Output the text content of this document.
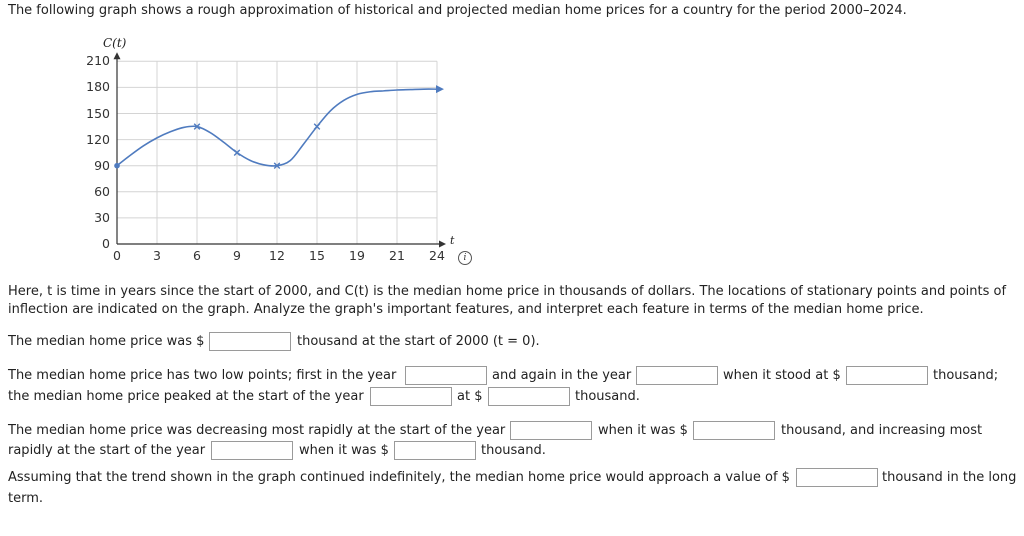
The following graph shows a rough approximation of historical and projected median home prices for a country for the period 2000–2024.
C(t)
t
0
30
60
90
120
150
180
210
0	3	6	9	12 15 19 21 24	i
Here, t is time in years since the start of 2000, and C(t) is the median home price in thousands of dollars. The locations of stationary points and points of
inflection are indicated on the graph. Analyze the graph's important features, and interpret each feature in terms of the median home price.
The median home price was $	thousand at the start of 2000 (t = 0).
The median home price has two low points; first in the year	and again in the year	when it stood at $	thousand;
the median home price peaked at the start of the year	at $	thousand.
The median home price was decreasing most rapidly at the start of the year	when it was $	thousand, and increasing most
rapidly at the start of the year	when it was $	thousand.
Assuming that the trend shown in the graph continued indefinitely, the median home price would approach a value of $	thousand in the long
term.
